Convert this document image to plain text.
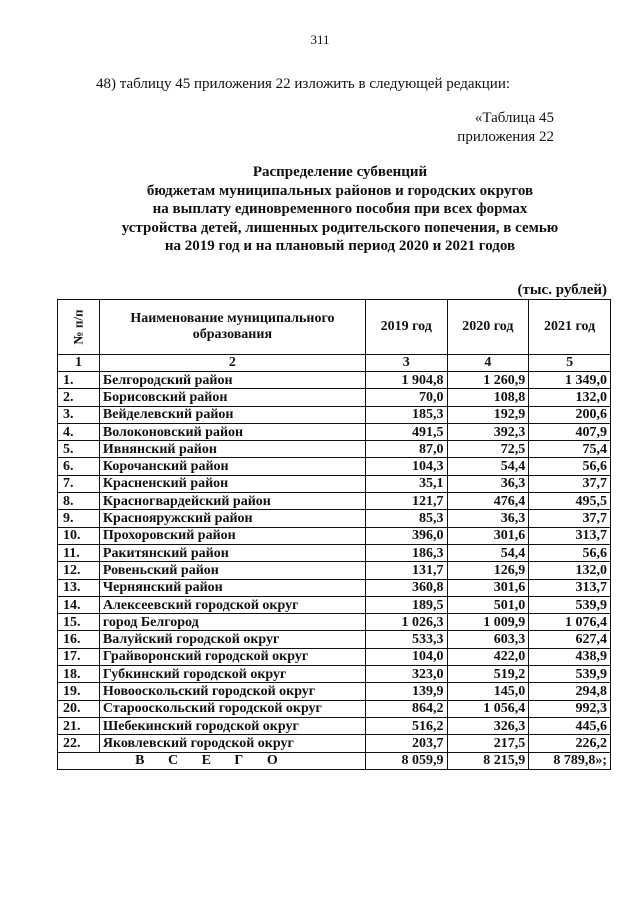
311
48) таблицу 45 приложения 22 изложить в следующей редакции:
«Таблица 45
приложения 22
Распределение субвенций
бюджетам муниципальных районов и городских округов
на выплату единовременного пособия при всех формах
устройства детей, лишенных родительского попечения, в семью
на 2019 год и на плановый период 2020 и 2021 годов
(тыс. рублей)
№ п/п	Наименование муниципального образования	2019 год	2020 год	2021 год
1	2	3	4	5
1.	Белгородский район	1 904,8	1 260,9	1 349,0
2.	Борисовский район	70,0	108,8	132,0
3.	Вейделевский район	185,3	192,9	200,6
4.	Волоконовский район	491,5	392,3	407,9
5.	Ивнянский район	87,0	72,5	75,4
6.	Корочанский район	104,3	54,4	56,6
7.	Красненский район	35,1	36,3	37,7
8.	Красногвардейский район	121,7	476,4	495,5
9.	Краснояружский район	85,3	36,3	37,7
10.	Прохоровский район	396,0	301,6	313,7
11.	Ракитянский район	186,3	54,4	56,6
12.	Ровеньский район	131,7	126,9	132,0
13.	Чернянский район	360,8	301,6	313,7
14.	Алексеевский городской округ	189,5	501,0	539,9
15.	город Белгород	1 026,3	1 009,9	1 076,4
16.	Валуйский городской округ	533,3	603,3	627,4
17.	Грайворонский городской округ	104,0	422,0	438,9
18.	Губкинский городской округ	323,0	519,2	539,9
19.	Новооскольский городской округ	139,9	145,0	294,8
20.	Старооскольский городской округ	864,2	1 056,4	992,3
21.	Шебекинский городской округ	516,2	326,3	445,6
22.	Яковлевский городской округ	203,7	217,5	226,2
В С Е Г О		8 059,9	8 215,9	8 789,8»;
